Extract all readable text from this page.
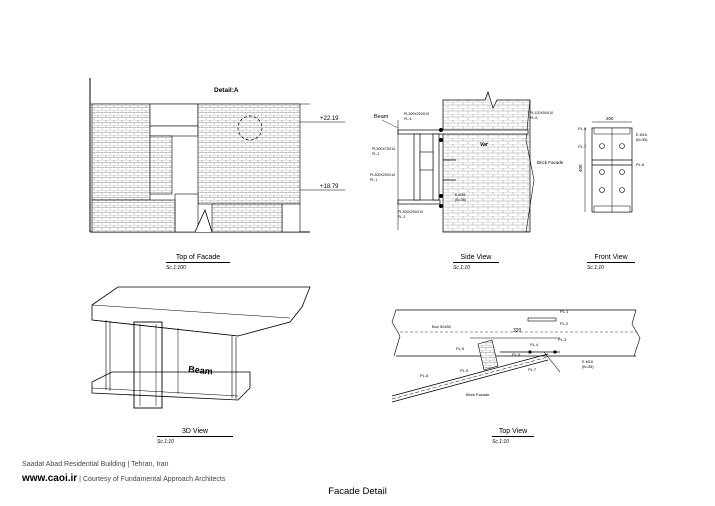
Detail:A
+22.19
+18.79
Beam
Var
Brick Facade
PL300X200X10
PL.4
PL120X50X10
PL.6
PL300X75X10
PL.2
PL300X200X10
PL.1
PL300X200X10
PL.3
E.M16
(B=35)
200
400
PL.5
PL.7
PL.6
E.M16
(B=35)
Beam
PL.1
PL.2
PL.3
PL.4
PL.5
PL.6
PL.7
PL.8
PL.6
Box 50x50
320
Brick Facade
E.M16
(B=35)
Top of Facade
Sc.1:100
Side View
Sc.1:10
Front View
Sc.1:10
3D View
Sc.1:10
Top View
Sc.1:10
Saadat Abad Residential Building | Tehran, Iran
www.caoi.ir | Courtesy of Fundamental Approach Architects
Facade Detail
